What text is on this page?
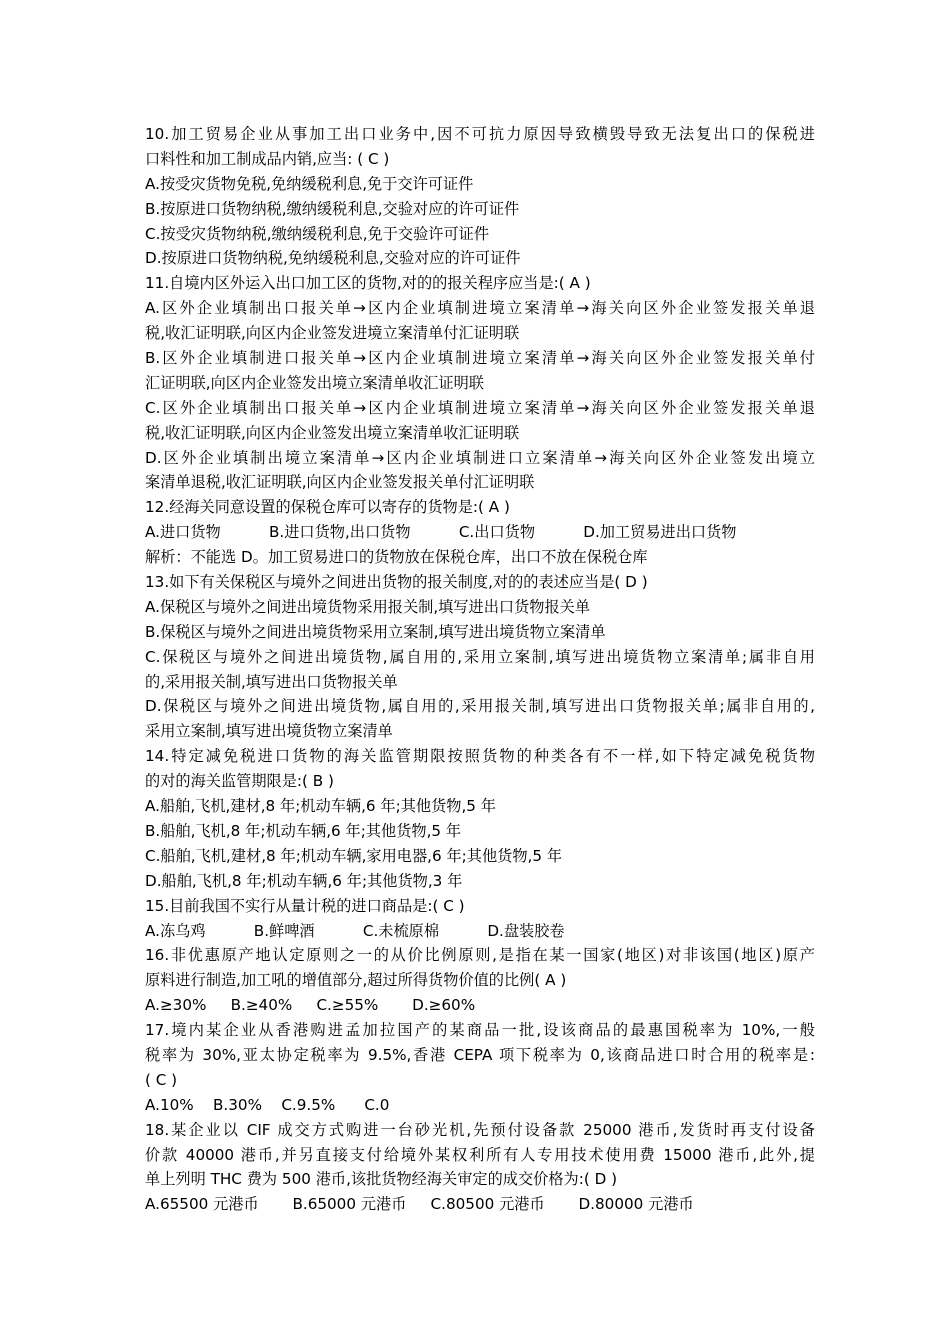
10.加工贸易企业从事加工出口业务中,因不可抗力原因导致横毁导致无法复出口的保税进
口料性和加工制成品内销,应当: ( C )
A.按受灾货物免税,免纳缓税利息,免于交许可证件
B.按原进口货物纳税,缴纳缓税利息,交验对应的许可证件
C.按受灾货物纳税,缴纳缓税利息,免于交验许可证件
D.按原进口货物纳税,免纳缓税利息,交验对应的许可证件
11.自境内区外运入出口加工区的货物,对的的报关程序应当是:( A )
A.区外企业填制出口报关单→区内企业填制进境立案清单→海关向区外企业签发报关单退
税,收汇证明联,向区内企业签发进境立案清单付汇证明联
B.区外企业填制进口报关单→区内企业填制进境立案清单→海关向区外企业签发报关单付
汇证明联,向区内企业签发出境立案清单收汇证明联
C.区外企业填制出口报关单→区内企业填制进境立案清单→海关向区外企业签发报关单退
税,收汇证明联,向区内企业签发出境立案清单收汇证明联
D.区外企业填制出境立案清单→区内企业填制进口立案清单→海关向区外企业签发出境立
案清单退税,收汇证明联,向区内企业签发报关单付汇证明联
12.经海关同意设置的保税仓库可以寄存的货物是:( A )
A.进口货物          B.进口货物,出口货物          C.出口货物          D.加工贸易进出口货物
解析：不能选 D。加工贸易进口的货物放在保税仓库，出口不放在保税仓库
13.如下有关保税区与境外之间进出货物的报关制度,对的的表述应当是( D )
A.保税区与境外之间进出境货物采用报关制,填写进出口货物报关单
B.保税区与境外之间进出境货物采用立案制,填写进出境货物立案清单
C.保税区与境外之间进出境货物,属自用的,采用立案制,填写进出境货物立案清单;属非自用
的,采用报关制,填写进出口货物报关单
D.保税区与境外之间进出境货物,属自用的,采用报关制,填写进出口货物报关单;属非自用的,
采用立案制,填写进出境货物立案清单
14.特定减免税进口货物的海关监管期限按照货物的种类各有不一样,如下特定减免税货物
的对的海关监管期限是:( B )
A.船舶,飞机,建材,8 年;机动车辆,6 年;其他货物,5 年
B.船舶,飞机,8 年;机动车辆,6 年;其他货物,5 年
C.船舶,飞机,建材,8 年;机动车辆,家用电器,6 年;其他货物,5 年
D.船舶,飞机,8 年;机动车辆,6 年;其他货物,3 年
15.目前我国不实行从量计税的进口商品是:( C )
A.冻乌鸡          B.鲜啤酒          C.未梳原棉          D.盘装胶卷
16.非优惠原产地认定原则之一的从价比例原则,是指在某一国家(地区)对非该国(地区)原产
原料进行制造,加工吼的增值部分,超过所得货物价值的比例( A )
A.≥30%     B.≥40%     C.≥55%       D.≥60%
17.境内某企业从香港购进孟加拉国产的某商品一批,设该商品的最惠国税率为 10%,一般
税率为 30%,亚太协定税率为 9.5%,香港 CEPA 项下税率为 0,该商品进口时合用的税率是:
( C )
A.10%    B.30%    C.9.5%      C.0
18.某企业以 CIF 成交方式购进一台砂光机,先预付设备款 25000 港币,发货时再支付设备
价款 40000 港币,并另直接支付给境外某权利所有人专用技术使用费 15000 港币,此外,提
单上列明 THC 费为 500 港币,该批货物经海关审定的成交价格为:( D )
A.65500 元港币       B.65000 元港币     C.80500 元港币       D.80000 元港币
